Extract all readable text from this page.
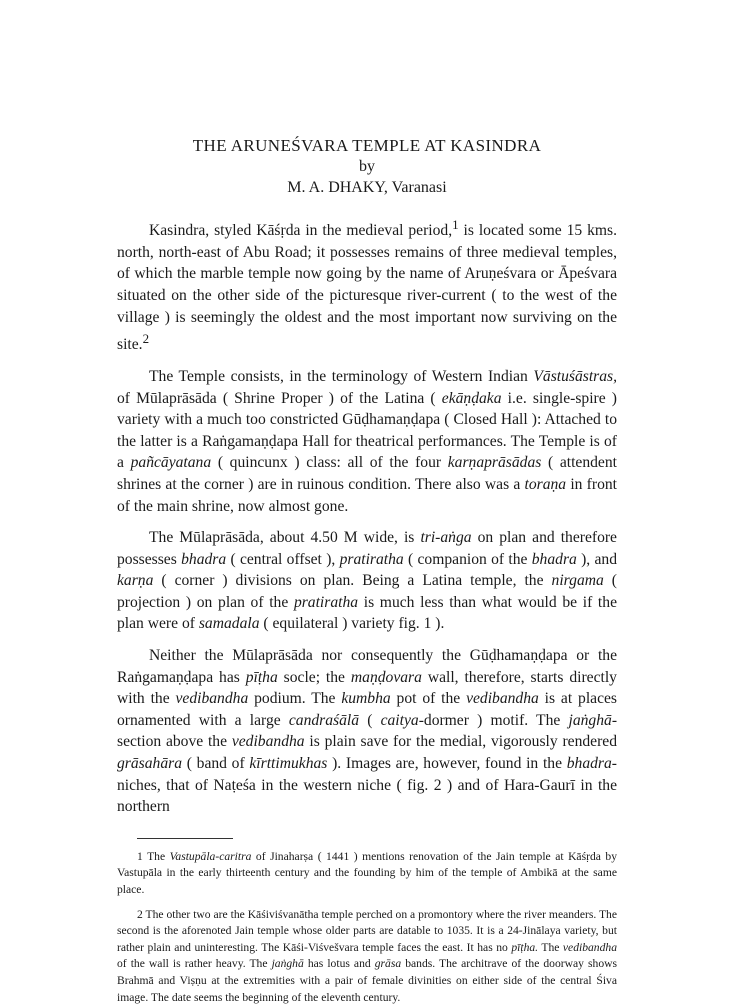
THE ARUNEŚVARA TEMPLE AT KASINDRA
by
M. A. DHAKY, Varanasi

Kasindra, styled Kāśṛda in the medieval period,$^1$ is located some 15 kms. north, north-east of Abu Road; it possesses remains of three medieval temples, of which the marble temple now going by the name of Aruṇeśvara or Āpeśvara situated on the other side of the picturesque river-current ( to the west of the village ) is seemingly the oldest and the most important now surviving on the site.$^2$

The Temple consists, in the terminology of Western Indian Vāstuśāstras, of Mūlaprāsāda ( Shrine Proper ) of the Latina ( ekāṇḍaka i.e. single-spire ) variety with a much too constricted Gūḍhamaṇḍapa ( Closed Hall ): Attached to the latter is a Raṅgamaṇḍapa Hall for theatrical performances. The Temple is of a pañcāyatana ( quincunx ) class: all of the four karṇaprāsādas ( attendent shrines at the corner ) are in ruinous condition. There also was a toraṇa in front of the main shrine, now almost gone.

The Mūlaprāsāda, about 4.50 M wide, is tri-aṅga on plan and therefore possesses bhadra ( central offset ), pratiratha ( companion of the bhadra ), and karṇa ( corner ) divisions on plan. Being a Latina temple, the nirgama ( projection ) on plan of the pratiratha is much less than what would be if the plan were of samadala ( equilateral ) variety fig. 1 ).

Neither the Mūlaprāsāda nor consequently the Gūḍhamaṇḍapa or the Raṅgamaṇḍapa has pīṭha socle; the maṇḍovara wall, therefore, starts directly with the vedibandha podium. The kumbha pot of the vedibandha is at places ornamented with a large candraśālā ( caitya-dormer ) motif. The jaṅghā-section above the vedibandha is plain save for the medial, vigorously rendered grāsahāra ( band of kīrttimukhas ). Images are, however, found in the bhadra-niches, that of Naṭeśa in the western niche ( fig. 2 ) and of Hara-Gaurī in the northern

1 The Vastupāla-caritra of Jinaharṣa ( 1441 ) mentions renovation of the Jain temple at Kāśṛda by Vastupāla in the early thirteenth century and the founding by him of the temple of Ambikā at the same place.

2 The other two are the Kāśiviśvanātha temple perched on a promontory where the river meanders. The second is the aforenoted Jain temple whose older parts are datable to 1035. It is a 24-Jinālaya variety, but rather plain and uninteresting. The Kāśi-Viśvešvara temple faces the east. It has no pīṭha. The vedibandha of the wall is rather heavy. The jaṅghā has lotus and grāsa bands. The architrave of the doorway shows Brahmā and Viṣṇu at the extremities with a pair of female divinities on either side of the central Śiva image. The date seems the beginning of the eleventh century.
